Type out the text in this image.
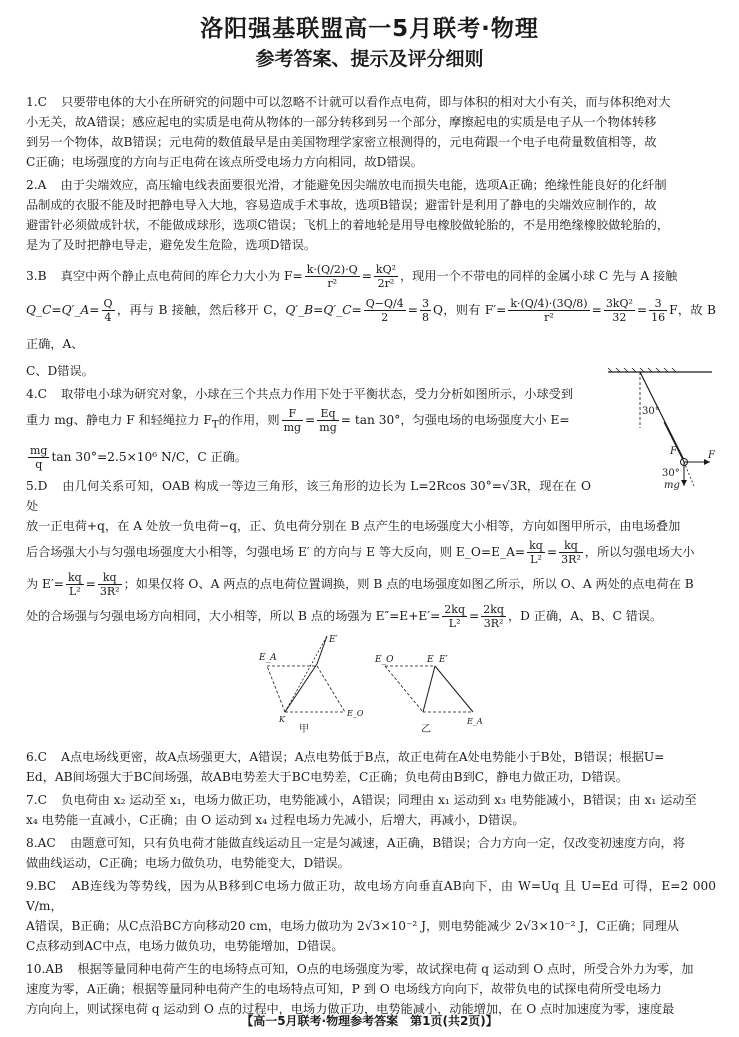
洛阳强基联盟高一5月联考·物理
参考答案、提示及评分细则
1.C　 只要带电体的大小在所研究的问题中可以忽略不计就可以看作点电荷，即与体积的相对大小有关，而与体积绝对大
小无关，故A错误；感应起电的实质是电荷从物体的一部分转移到另一个部分，摩擦起电的实质是电子从一个物体转移
到另一个物体，故B错误；元电荷的数值最早是由美国物理学家密立根测得的，元电荷跟一个电子电荷量数值相等，故
C正确；电场强度的方向与正电荷在该点所受电场力方向相同，故D错误。
2.A　 由于尖端效应，高压输电线表面要很光滑，才能避免因尖端放电而损失电能，选项A正确；绝缘性能良好的化纤制
品制成的衣服不能及时把静电导入大地，容易造成手术事故，选项B错误；避雷针是利用了静电的尖端效应制作的，故
避雷针必须做成针状，不能做成球形，选项C错误；飞机上的着地轮是用导电橡胶做轮胎的，不是用绝缘橡胶做轮胎的，
是为了及时把静电导走，避免发生危险，选项D错误。
3.B　 真空中两个静止点电荷间的库仑力大小为 $F= \frac{k\cdot(Q/2)\cdot Q}{\text{r²}} = \frac{\text{kQ²}}{\text{2r²}}$ ，现用一个不带电的同样的金属小球 C 先与 A 接触
Q_C=Q′_A= $\frac{Q}{4}$ ，再与 B 接触，然后移开 C，Q′_B=Q′_C= $\frac{Q-Q/4}{2} = \frac{3}{8}$ Q，则有 $F'= \frac{k\cdot(Q/4)\cdot(3Q/8)}{\text{r²}} = \frac{\text{3kQ²}}{32} = \frac{3}{16}$ F，故 B 正确，A、
C、D错误。
4.C　 取带电小球为研究对象，小球在三个共点力作用下处于平衡状态，受力分析如图所示，小球受到
重力 mg、静电力 F 和轻绳拉力 $F_T$的作用，则 $\frac{F}{mg} = \frac{Eq}{mg} = \tan 30^\circ$，匀强电场的电场强度大小 E=
$\frac{mg}{q}$ tan 30°=2.5×10⁶ N/C，C 正确。
5.D　 由几何关系可知，OAB 构成一等边三角形，该三角形的边长为 L=2Rcos 30°=√3R，现在在 O 处
放一正电荷+q，在 A 处放一负电荷−q，正、负电荷分别在 B 点产生的电场强度大小相等，方向如图甲所示，由电场叠加
后合场强大小与匀强电场强度大小相等，匀强电场 E′ 的方向与 E 等大反向，则 E_O=E_A= $\frac{kq}{\text{L²}} = \frac{kq}{\text{3R²}}$ ，所以匀强电场大小
为 $E'= \frac{kq}{\text{L²}} = \frac{kq}{\text{3R²}}$ ；如果仅将 O、A 两点的点电荷位置调换，则 B 点的电场强度如图乙所示，所以 O、A 两处的点电荷在 B
处的合场强与匀强电场方向相同，大小相等，所以 B 点的场强为 $E''=E+E'= \frac{2kq}{\text{L²}} = \frac{2kq}{\text{3R²}}$ ，D 正确，A、B、C 错误。
6.C　 A点电场线更密，故A点场强更大，A错误；A点电势低于B点，故正电荷在A处电势能小于B处，B错误；根据U=
Ed，AB间场强大于BC间场强，故AB电势差大于BC电势差，C正确；负电荷由B到C，静电力做正功，D错误。
7.C　 负电荷由 x₂ 运动至 x₁，电场力做正功，电势能减小，A错误；同理由 x₁ 运动到 x₃ 电势能减小，B错误；由 x₁ 运动至
x₄ 电势能一直减小，C正确；由 O 运动到 x₄ 过程电场力先减小，后增大，再减小，D错误。
8.AC　 由题意可知，只有负电荷才能做直线运动且一定是匀减速，A正确，B错误；合力方向一定，仅改变初速度方向，将
做曲线运动，C正确；电场力做负功，电势能变大，D错误。
9.BC　 AB连线为等势线，因为从B移到C电场力做正功，故电场方向垂直AB向下，由 W=Uq 且 U=Ed 可得，E=2 000 V/m，
A错误，B正确；从C点沿BC方向移动20 cm，电场力做功为 2√3×10⁻² J，则电势能减少 2√3×10⁻² J，C正确；同理从
C点移动到AC中点，电场力做负功，电势能增加，D错误。
10.AB　 根据等量同种电荷产生的电场特点可知，O点的电场强度为零，故试探电荷 q 运动到 O 点时，所受合外力为零，加
速度为零，A正确；根据等量同种电荷产生的电场特点可知，P 到 O 电场线方向向下，故带负电的试探电荷所受电场力
方向向上，则试探电荷 q 运动到 O 点的过程中，电场力做正功，电势能减小，动能增加，在 O 点时加速度为零，速度最
30°
F	F
30°
mg
E_A
E′
K
E_O
甲
E_O	E E′
E_A
乙
【高一5月联考·物理参考答案　第1页(共2页)】
